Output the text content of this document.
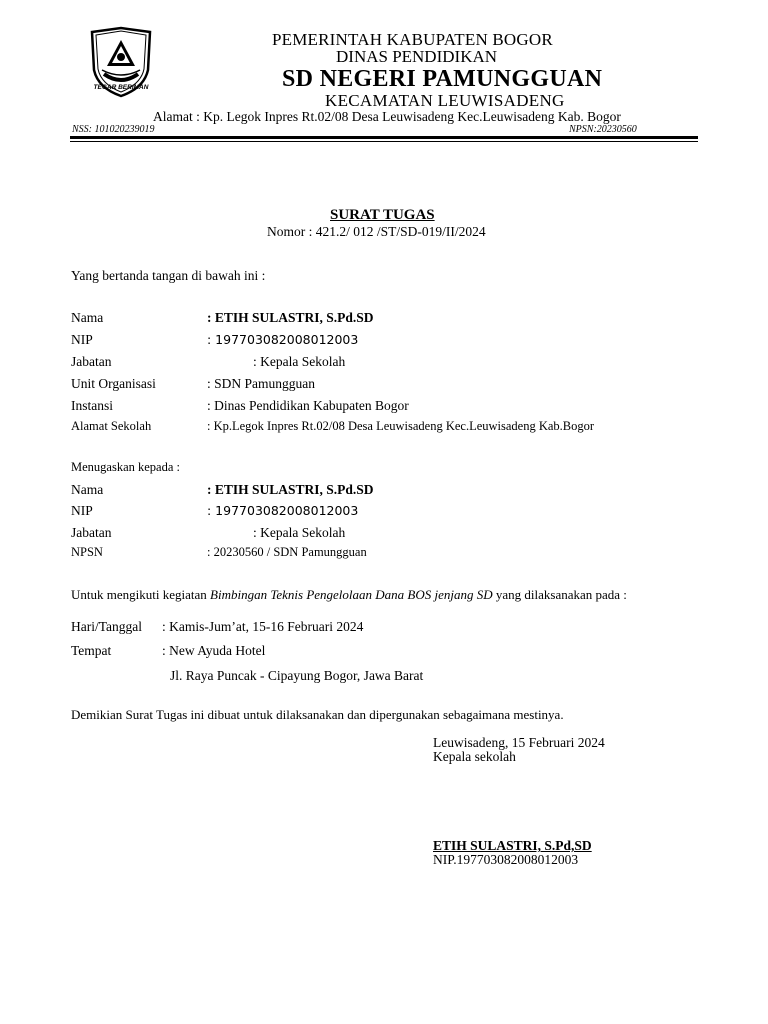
TEGAR BERIMAN
PEMERINTAH KABUPATEN BOGOR
DINAS PENDIDIKAN
SD NEGERI PAMUNGGUAN
KECAMATAN LEUWISADENG
Alamat : Kp. Legok Inpres Rt.02/08 Desa Leuwisadeng Kec.Leuwisadeng Kab. Bogor
NSS: 101020239019	NPSN:20230560
SURAT TUGAS
Nomor : 421.2/ 012 /ST/SD-019/II/2024
Yang bertanda tangan di bawah ini :
Nama	: ETIH SULASTRI, S.Pd.SD
NIP	: 197703082008012003
Jabatan	: Kepala Sekolah
Unit Organisasi	: SDN Pamungguan
Instansi	: Dinas Pendidikan Kabupaten Bogor
Alamat Sekolah	: Kp.Legok Inpres Rt.02/08 Desa Leuwisadeng Kec.Leuwisadeng Kab.Bogor
Menugaskan kepada :
Nama	: ETIH SULASTRI, S.Pd.SD
NIP	: 197703082008012003
Jabatan	: Kepala Sekolah
NPSN	: 20230560 / SDN Pamungguan
Untuk mengikuti kegiatan Bimbingan Teknis Pengelolaan Dana BOS jenjang SD yang dilaksanakan pada :
Hari/Tanggal : Kamis-Jum’at, 15-16 Februari 2024
Tempat	: New Ayuda Hotel
Jl. Raya Puncak - Cipayung Bogor, Jawa Barat
Demikian Surat Tugas ini dibuat untuk dilaksanakan dan dipergunakan sebagaimana mestinya.
Leuwisadeng, 15 Februari 2024
Kepala sekolah
ETIH SULASTRI, S.Pd,SD
NIP.197703082008012003
